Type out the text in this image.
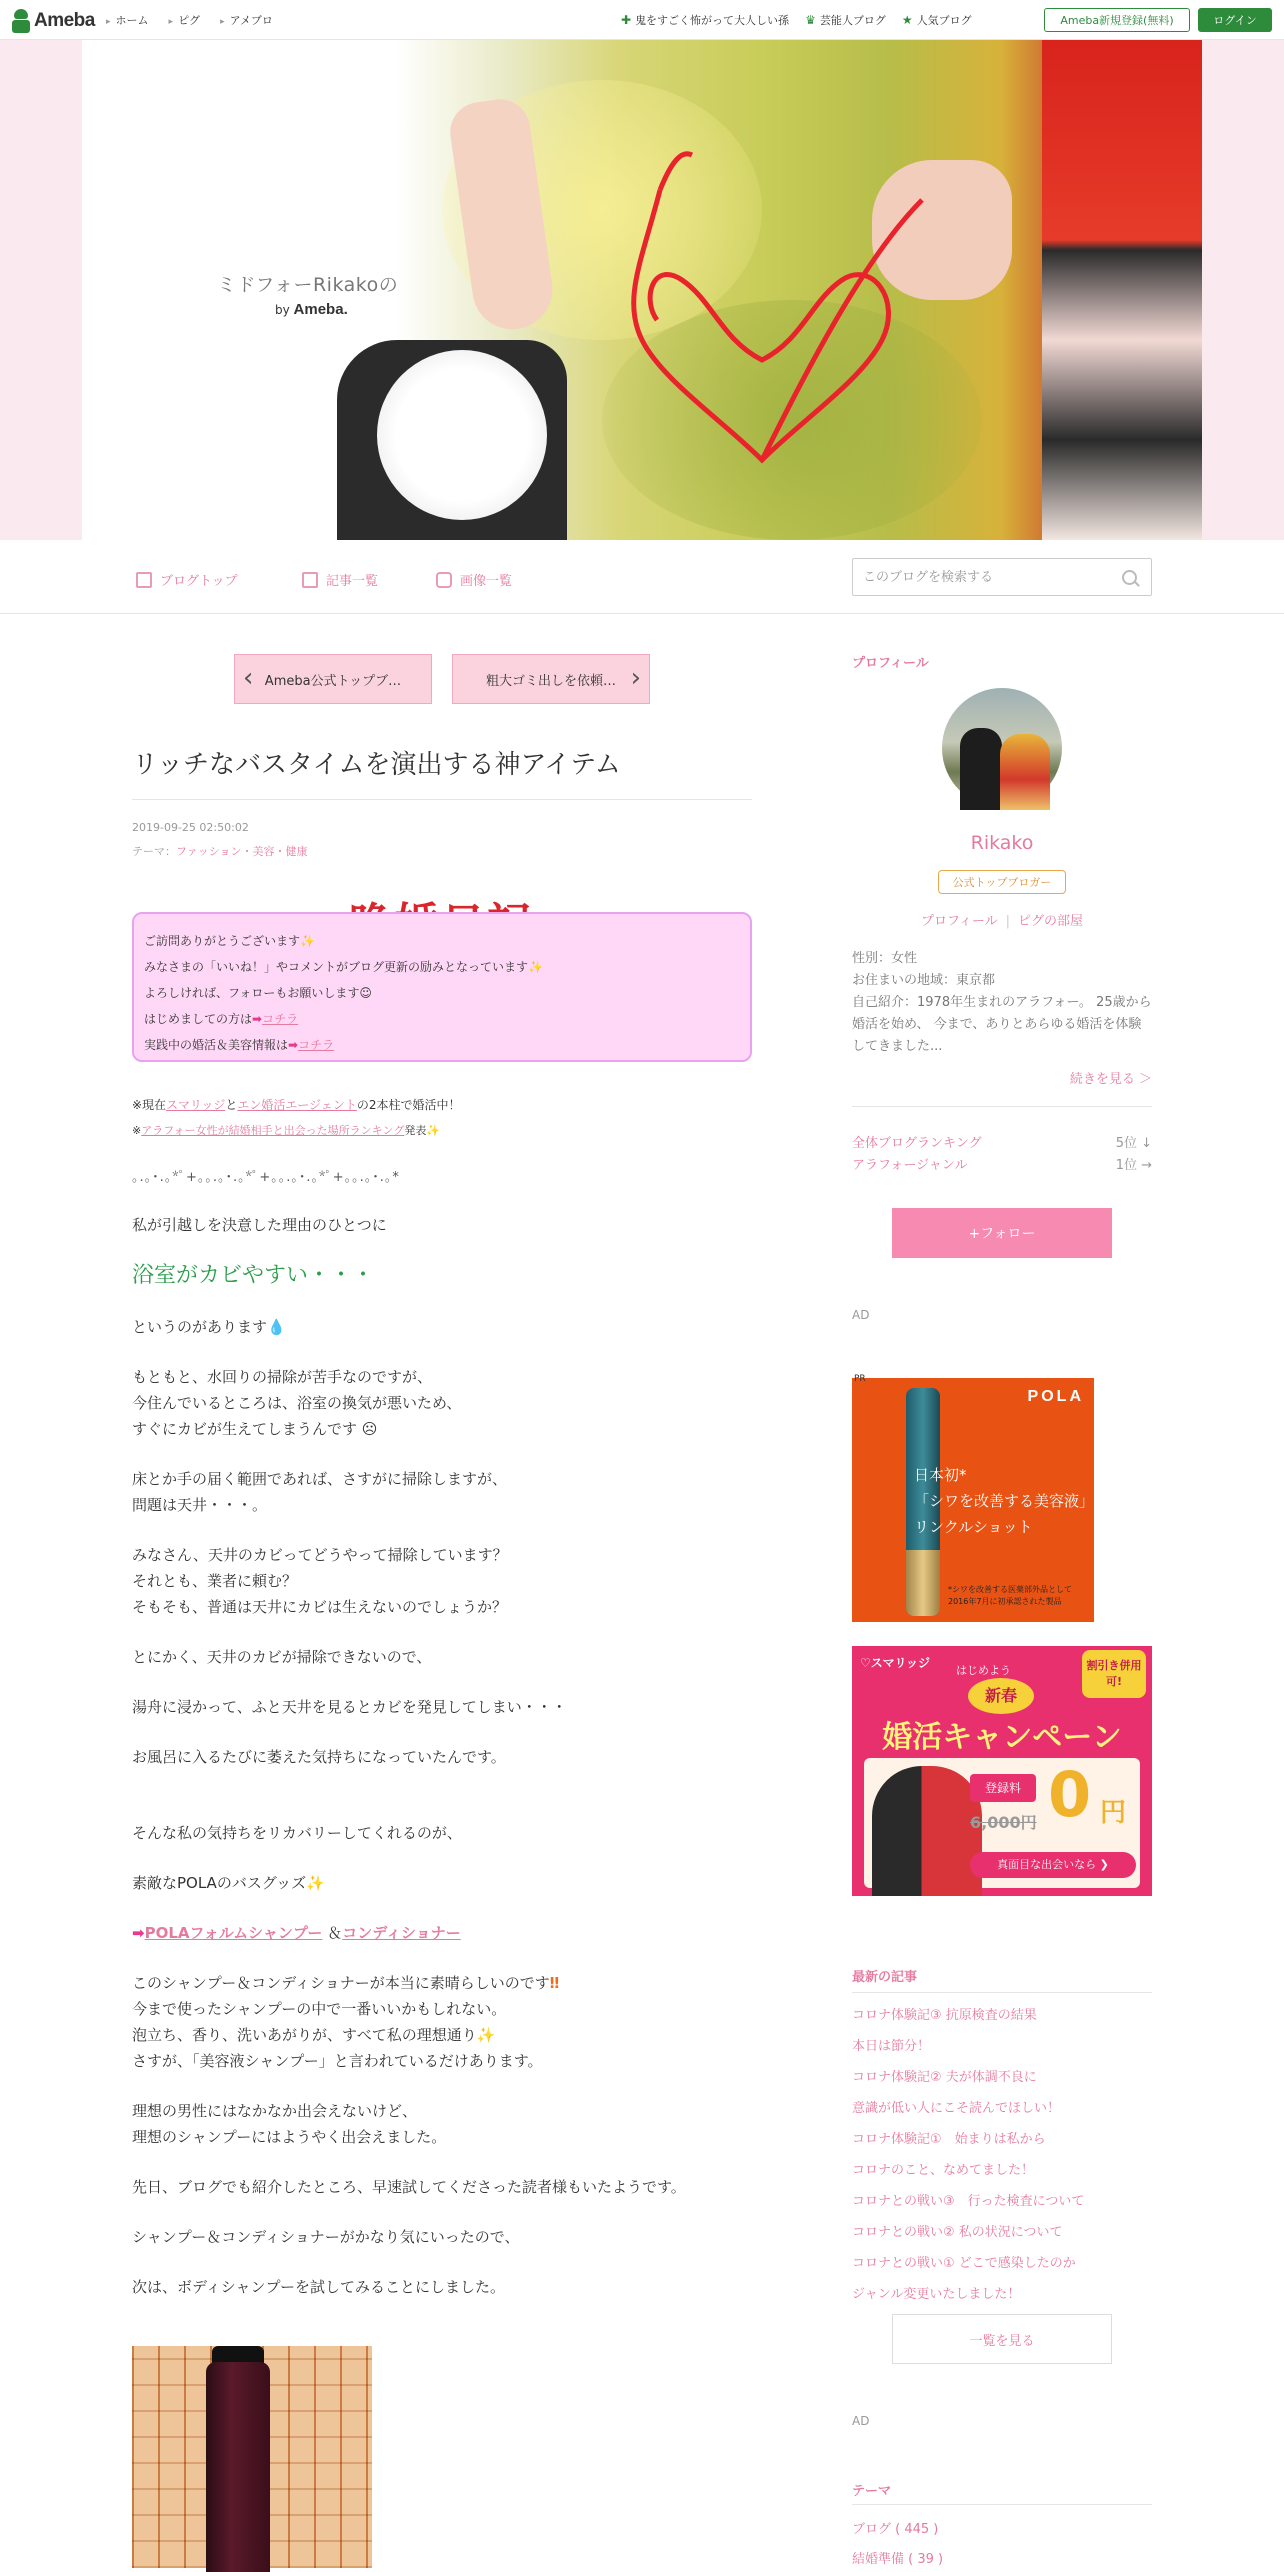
Ameba	▸ ホーム	▸ ピグ	▸ アメブロ	✚ 鬼をすごく怖がって大人しい孫 ♛ 芸能人ブログ ★ 人気ブログ	Ameba新規登録(無料)	ログイン
ミドフォーRikakoの
by Ameba.
ブログトップ	記事一覧	画像一覧
このブログを検索する
‹ Ameba公式トップブ…	粗大ゴミ出しを依頼… ›
リッチなバスタイムを演出する神アイテム
2019-09-25 02:50:02
テーマ：ファッション・美容・健康
ご訪問ありがとうございます✨
みなさまの「いいね！」やコメントがブログ更新の励みとなっています✨
よろしければ、フォローもお願いします☺
はじめましての方は➡コチラ
実践中の婚活＆美容情報は➡コチラ
※現在スマリッジとエン婚活エージェントの2本柱で婚活中！
※アラフォー女性が結婚相手と出会った場所ランキング発表✨
｡.｡･.｡*ﾟ+｡｡.｡･.｡*ﾟ+｡｡.｡･.｡*ﾟ+｡｡.｡･.｡*

私が引越しを決意した理由のひとつに

浴室がカビやすい・・・

というのがあります💧

もともと、水回りの掃除が苦手なのですが、

今住んでいるところは、浴室の換気が悪いため、

すぐにカビが生えてしまうんです ☹

床とか手の届く範囲であれば、さすがに掃除しますが、

問題は天井・・・。

みなさん、天井のカビってどうやって掃除しています？

それとも、業者に頼む？

そもそも、普通は天井にカビは生えないのでしょうか？

とにかく、天井のカビが掃除できないので、

湯舟に浸かって、ふと天井を見るとカビを発見してしまい・・・

お風呂に入るたびに萎えた気持ちになっていたんです。

そんな私の気持ちをリカバリーしてくれるのが、

素敵なPOLAのバスグッズ✨

➡POLAフォルムシャンプー ＆コンディショナー

このシャンプー＆コンディショナーが本当に素晴らしいのです‼

今まで使ったシャンプーの中で一番いいかもしれない。

泡立ち、香り、洗いあがりが、すべて私の理想通り✨

さすが、「美容液シャンプー」と言われているだけあります。

理想の男性にはなかなか出会えないけど、

理想のシャンプーにはようやく出会えました。

先日、ブログでも紹介したところ、早速試してくださった読者様もいたようです。

シャンプー＆コンディショナーがかなり気にいったので、

次は、ボディシャンプーを試してみることにしました。

プロフィール
Rikako
公式トップブロガー
プロフィール | ピグの部屋
性別：女性
お住まいの地域：東京都
自己紹介：1978年生まれのアラフォー。 25歳から婚活を始め、 今まで、ありとあらゆる婚活を体験してきました...
続きを見る ＞
全体ブログランキング	5位 ↓
アラフォージャンル	1位 →
+フォロー
AD
POLA
日本初*
「シワを改善する美容液」
リンクルショット
*シワを改善する医薬部外品として
2016年7月に初承認された製品
PR
♡スマリッジ	割引き併用可!
はじめよう
新春
婚活キャンペーン
登録料
6,000円 0 円
真面目な出会いなら ❯
最新の記事
コロナ体験記③ 抗原検査の結果
本日は節分！
コロナ体験記② 夫が体調不良に
意識が低い人にこそ読んでほしい！
コロナ体験記①　始まりは私から
コロナのこと、なめてました！
コロナとの戦い③　行った検査について
コロナとの戦い② 私の状況について
コロナとの戦い① どこで感染したのか
ジャンル変更いたしました！
一覧を見る
AD
テーマ
ブログ ( 445 )
結婚準備 ( 39 )
